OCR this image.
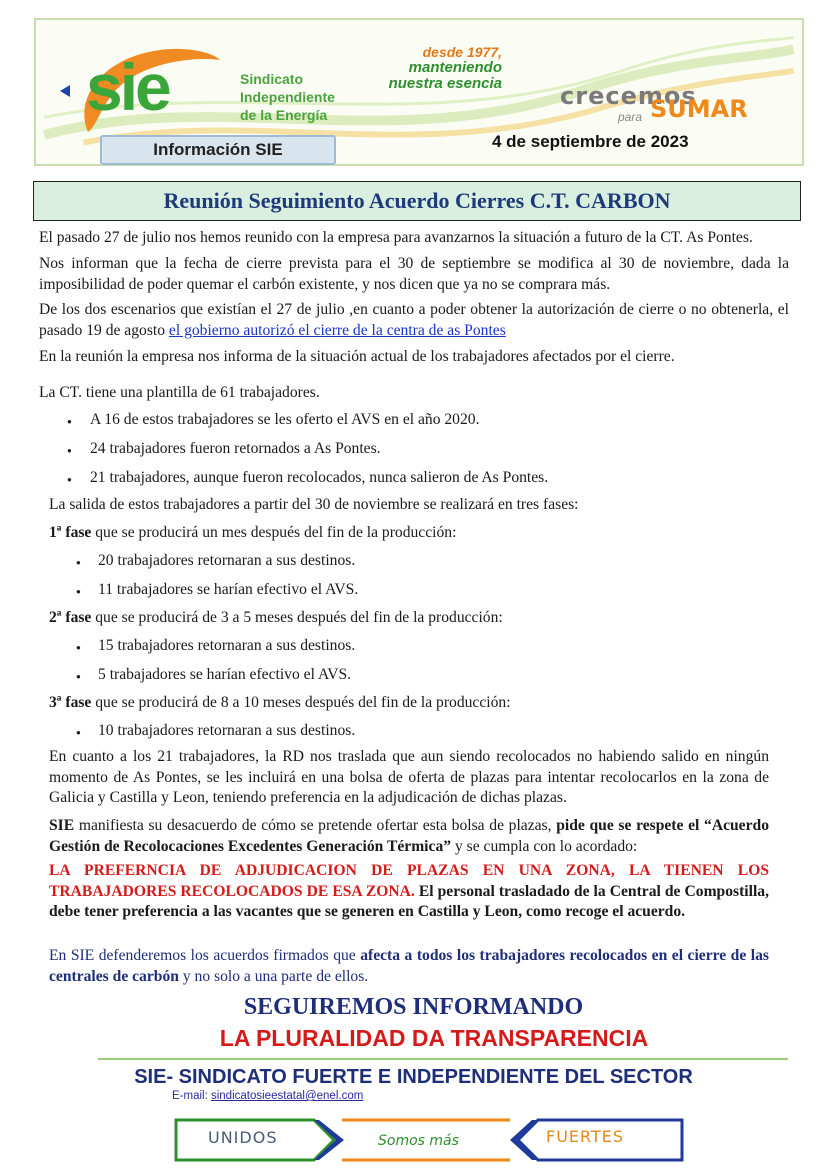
sie	Sindicato
Independiente
de la Energía
desde 1977,
manteniendo
nuestra esencia crecemos
para SUMAR
Información SIE	4 de septiembre de 2023
Reunión Seguimiento Acuerdo Cierres C.T. CARBON
El pasado 27 de julio nos hemos reunido con la empresa para avanzarnos la situación a futuro de la CT. As Pontes.
Nos informan que la fecha de cierre prevista para el 30 de septiembre se modifica al 30 de noviembre, dada la imposibilidad de poder quemar el carbón existente, y nos dicen que ya no se comprara más.
De los dos escenarios que existían el 27 de julio ,en cuanto a poder obtener la autorización de cierre o no obtenerla, el pasado 19 de agosto el gobierno autorizó el cierre de la centra de as Pontes
En la reunión la empresa nos informa de la situación actual de los trabajadores afectados por el cierre.
La CT. tiene una plantilla de 61 trabajadores.
● A 16 de estos trabajadores se les oferto el AVS en el año 2020.
● 24 trabajadores fueron retornados a As Pontes.
● 21 trabajadores, aunque fueron recolocados, nunca salieron de As Pontes.
La salida de estos trabajadores a partir del 30 de noviembre se realizará en tres fases:
1ª fase que se producirá un mes después del fin de la producción:
● 20 trabajadores retornaran a sus destinos.
● 11 trabajadores se harían efectivo el AVS.
2ª fase que se producirá de 3 a 5 meses después del fin de la producción:
● 15 trabajadores retornaran a sus destinos.
● 5 trabajadores se harían efectivo el AVS.
3ª fase que se producirá de 8 a 10 meses después del fin de la producción:
● 10 trabajadores retornaran a sus destinos.
En cuanto a los 21 trabajadores, la RD nos traslada que aun siendo recolocados no habiendo salido en ningún momento de As Pontes, se les incluirá en una bolsa de oferta de plazas para intentar recolocarlos en la zona de Galicia y Castilla y Leon, teniendo preferencia en la adjudicación de dichas plazas.
SIE manifiesta su desacuerdo de cómo se pretende ofertar esta bolsa de plazas, pide que se respete el “Acuerdo Gestión de Recolocaciones Excedentes Generación Térmica” y se cumpla con lo acordado:
LA PREFERNCIA DE ADJUDICACION DE PLAZAS EN UNA ZONA, LA TIENEN LOS TRABAJADORES RECOLOCADOS DE ESA ZONA. El personal trasladado de la Central de Compostilla, debe tener preferencia a las vacantes que se generen en Castilla y Leon, como recoge el acuerdo.
En SIE defenderemos los acuerdos firmados que afecta a todos los trabajadores recolocados en el cierre de las centrales de carbón y no solo a una parte de ellos.
SEGUIREMOS INFORMANDO
LA PLURALIDAD DA TRANSPARENCIA
SIE- SINDICATO FUERTE E INDEPENDIENTE DEL SECTOR
E-mail: sindicatosieestatal@enel.com
UNIDOS	Somos más	FUERTES
